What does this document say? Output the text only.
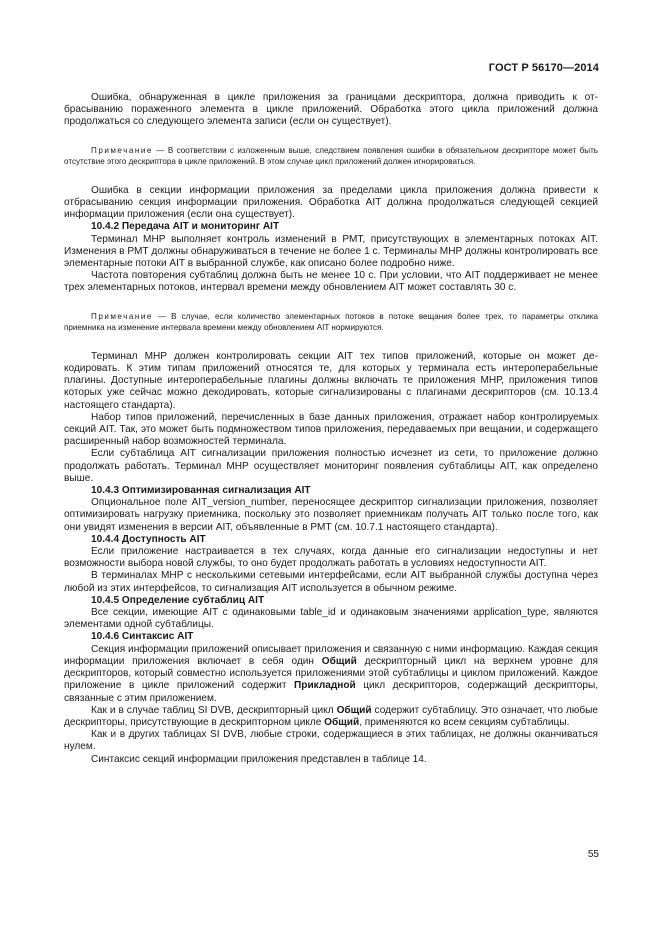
ГОСТ Р 56170—2014

Ошибка, обнаруженная в цикле приложения за границами дескриптора, должна приводить к отбрасыванию пораженного элемента в цикле приложений. Обработка этого цикла приложений должна продолжаться со следующего элемента записи (если он существует).

Примечание — В соответствии с изложенным выше, следствием появления ошибки в обязательном дескрипторе может быть отсутствие этого дескриптора в цикле приложений. В этом случае цикл приложений должен игнорироваться.

Ошибка в секции информации приложения за пределами цикла приложения должна привести к отбрасыванию секция информации приложения. Обработка AIT должна продолжаться следующей секцией информации приложения (если она существует).

10.4.2 Передача AIT и мониторинг AIT

Терминал МНР выполняет контроль изменений в РМТ, присутствующих в элементарных потоках AIT. Изменения в РМТ должны обнаруживаться в течение не более 1 с. Терминалы МНР должны контролировать все элементарные потоки AIT в выбранной службе, как описано более подробно ниже.

Частота повторения субтаблиц должна быть не менее 10 с. При условии, что AIT поддерживает не менее трех элементарных потоков, интервал времени между обновлением AIT может составлять 30 с.

Примечание — В случае, если количество элементарных потоков в потоке вещания более трех, то параметры отклика приемника на изменение интервала времени между обновлением AIT нормируются.

Терминал МНР должен контролировать секции AIT тех типов приложений, которые он может декодировать. К этим типам приложений относятся те, для которых у терминала есть интероперабельные плагины. Доступные интероперабельные плагины должны включать те приложения МНР, приложения типов которых уже сейчас можно декодировать, которые сигнализированы с плагинами дескрипторов (см. 10.13.4 настоящего стандарта).

Набор типов приложений, перечисленных в базе данных приложения, отражает набор контролируемых секций AIT. Так, это может быть подмножеством типов приложения, передаваемых при вещании, и содержащего расширенный набор возможностей терминала.

Если субтаблица AIT сигнализации приложения полностью исчезнет из сети, то приложение должно продолжать работать. Терминал МНР осуществляет мониторинг появления субтаблицы AIT, как определено выше.

10.4.3 Оптимизированная сигнализация AIT

Опциональное поле AIT_version_number, переносящее дескриптор сигнализации приложения, позволяет оптимизировать нагрузку приемника, поскольку это позволяет приемникам получать AIT только после того, как они увидят изменения в версии AIT, объявленные в РМТ (см. 10.7.1 настоящего стандарта).

10.4.4 Доступность AIT

Если приложение настраивается в тех случаях, когда данные его сигнализации недоступны и нет возможности выбора новой службы, то оно будет продолжать работать в условиях недоступности AIT.

В терминалах МНР с несколькими сетевыми интерфейсами, если AIT выбранной службы доступна через любой из этих интерфейсов, то сигнализация AIT используется в обычном режиме.

10.4.5 Определение субтаблиц AIT

Все секции, имеющие AIT с одинаковыми table_id и одинаковым значениями application_type, являются элементами одной субтаблицы.

10.4.6 Синтаксис AIT

Секция информации приложений описывает приложения и связанную с ними информацию. Каждая секция информации приложения включает в себя один Общий дескрипторный цикл на верхнем уровне для дескрипторов, который совместно используется приложениями этой субтаблицы и циклом приложений. Каждое приложение в цикле приложений содержит Прикладной цикл дескрипторов, содержащий дескрипторы, связанные с этим приложением.

Как и в случае таблиц SI DVB, дескрипторный цикл Общий содержит субтаблицу. Это означает, что любые дескрипторы, присутствующие в дескрипторном цикле Общий, применяются ко всем секциям субтаблицы.

Как и в других таблицах SI DVB, любые строки, содержащиеся в этих таблицах, не должны оканчиваться нулем.

Синтаксис секций информации приложения представлен в таблице 14.

55
